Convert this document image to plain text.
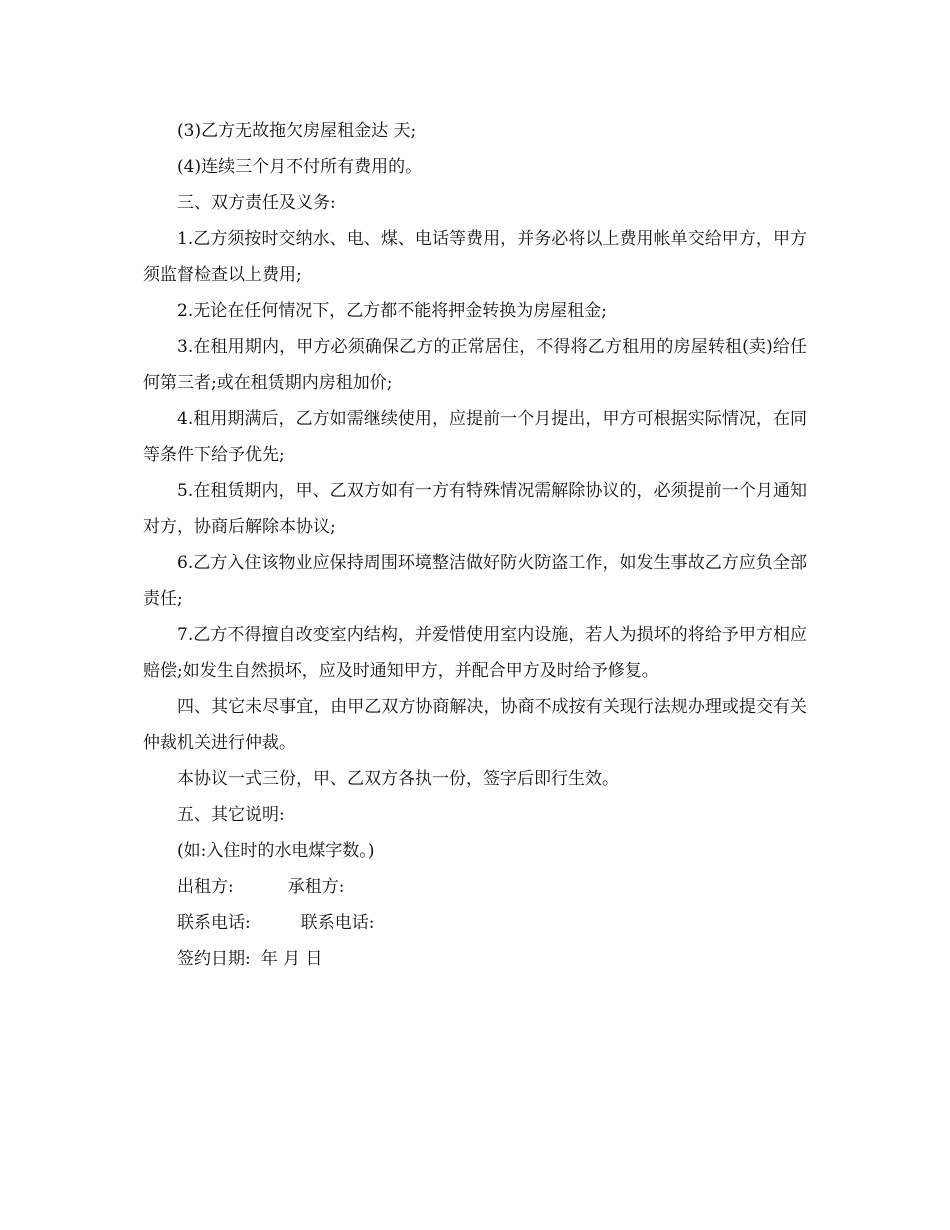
(3)乙方无故拖欠房屋租金达 天;

(4)连续三个月不付所有费用的。

三、双方责任及义务:

1.乙方须按时交纳水、电、煤、电话等费用，并务必将以上费用帐单交给甲方，甲方须监督检查以上费用;

2.无论在任何情况下，乙方都不能将押金转换为房屋租金;

3.在租用期内，甲方必须确保乙方的正常居住，不得将乙方租用的房屋转租(卖)给任何第三者;或在租赁期内房租加价;

4.租用期满后，乙方如需继续使用，应提前一个月提出，甲方可根据实际情况，在同等条件下给予优先;

5.在租赁期内，甲、乙双方如有一方有特殊情况需解除协议的，必须提前一个月通知对方，协商后解除本协议;

6.乙方入住该物业应保持周围环境整洁做好防火防盗工作，如发生事故乙方应负全部责任;

7.乙方不得擅自改变室内结构，并爱惜使用室内设施，若人为损坏的将给予甲方相应赔偿;如发生自然损坏，应及时通知甲方，并配合甲方及时给予修复。

四、其它未尽事宜，由甲乙双方协商解决，协商不成按有关现行法规办理或提交有关仲裁机关进行仲裁。

本协议一式三份，甲、乙双方各执一份，签字后即行生效。

五、其它说明:

(如:入住时的水电煤字数。)

出租方:	承租方:

联系电话:	联系电话:

签约日期: 年 月 日
